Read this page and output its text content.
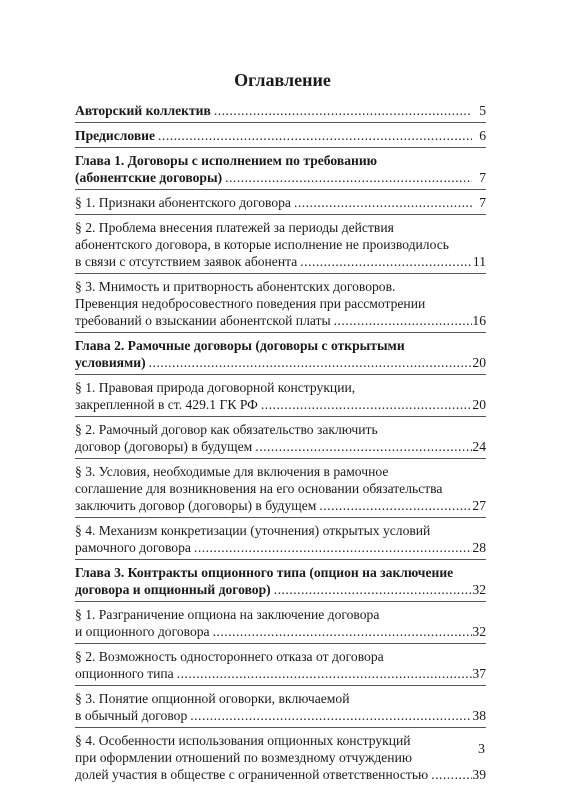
Оглавление
Авторский коллектив .....	5
Предисловие .....	6
Глава 1. Договоры с исполнением по требованию
(абонентские договоры) .....	7
§ 1. Признаки абонентского договора .....	7
§ 2. Проблема внесения платежей за периоды действия
абонентского договора, в которые исполнение не производилось
в связи с отсутствием заявок абонента .....	11
§ 3. Мнимость и притворность абонентских договоров.
Превенция недобросовестного поведения при рассмотрении
требований о взыскании абонентской платы .....	16
Глава 2. Рамочные договоры (договоры с открытыми
условиями) .....	20
§ 1. Правовая природа договорной конструкции,
закрепленной в ст. 429.1 ГК РФ .....	20
§ 2. Рамочный договор как обязательство заключить
договор (договоры) в будущем .....	24
§ 3. Условия, необходимые для включения в рамочное
соглашение для возникновения на его основании обязательства
заключить договор (договоры) в будущем .....	27
§ 4. Механизм конкретизации (уточнения) открытых условий
рамочного договора .....	28
Глава 3. Контракты опционного типа (опцион на заключение
договора и опционный договор) .....	32
§ 1. Разграничение опциона на заключение договора
и опционного договора .....	32
§ 2. Возможность одностороннего отказа от договора
опционного типа .....	37
§ 3. Понятие опционной оговорки, включаемой
в обычный договор .....	38
§ 4. Особенности использования опционных конструкций
при оформлении отношений по возмездному отчуждению
долей участия в обществе с ограниченной ответственностью .....	39
3
